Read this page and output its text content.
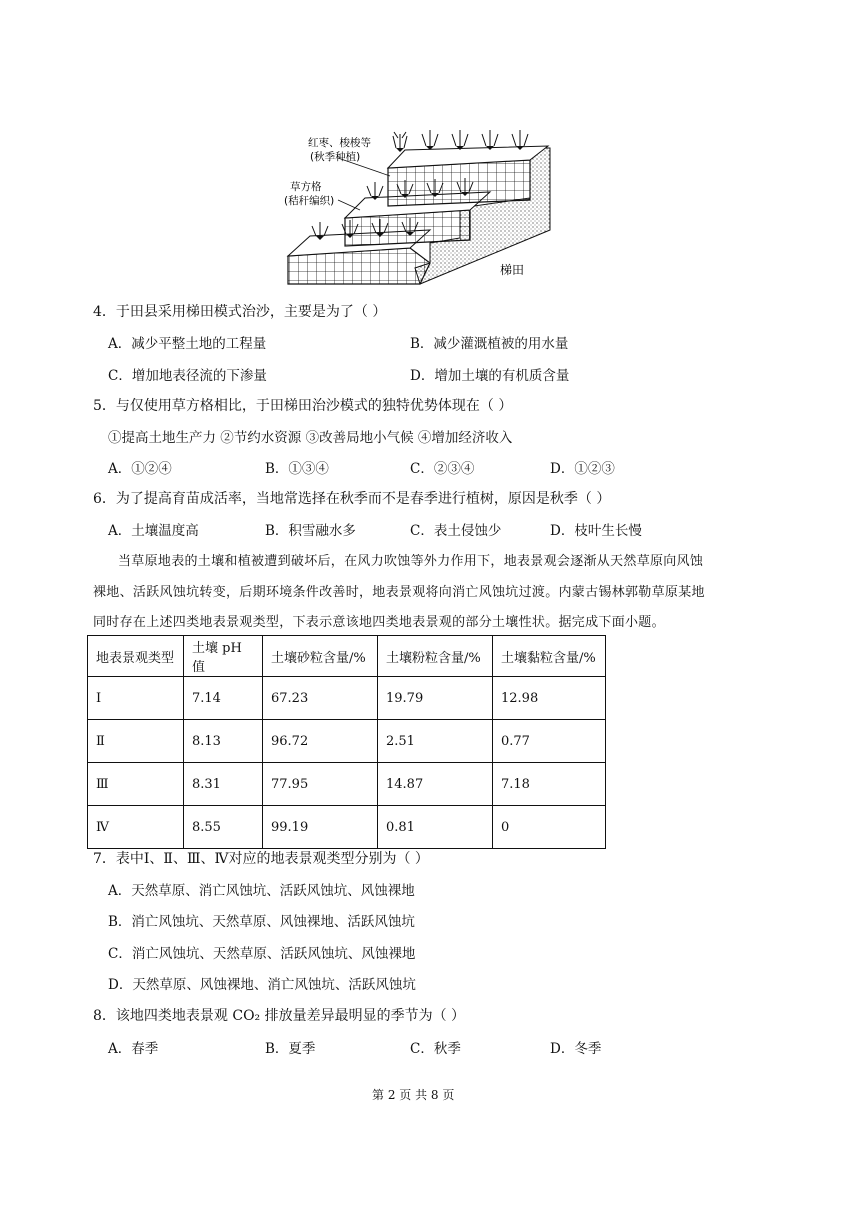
红枣、梭梭等
(秋季种植)
草方格
(秸秆编织)
梯田
4．于田县采用梯田模式治沙，主要是为了（ ）
A．减少平整土地的工程量	B．减少灌溉植被的用水量
C．增加地表径流的下渗量	D．增加土壤的有机质含量
5．与仅使用草方格相比，于田梯田治沙模式的独特优势体现在（ ）
①提高土地生产力 ②节约水资源 ③改善局地小气候 ④增加经济收入
A．①②④	B．①③④	C．②③④	D．①②③
6．为了提高育苗成活率，当地常选择在秋季而不是春季进行植树，原因是秋季（ ）
A．土壤温度高	B．积雪融水多	C．表土侵蚀少	D．枝叶生长慢
当草原地表的土壤和植被遭到破坏后，在风力吹蚀等外力作用下，地表景观会逐渐从天然草原向风蚀
裸地、活跃风蚀坑转变，后期环境条件改善时，地表景观将向消亡风蚀坑过渡。内蒙古锡林郭勒草原某地
同时存在上述四类地表景观类型，下表示意该地四类地表景观的部分土壤性状。据完成下面小题。
地表景观类型	土壤 pH 值	土壤砂粒含量/%	土壤粉粒含量/%	土壤黏粒含量/%
Ⅰ	7.14	67.23	19.79	12.98
Ⅱ	8.13	96.72	2.51	0.77
Ⅲ	8.31	77.95	14.87	7.18
Ⅳ	8.55	99.19	0.81	0
7．表中Ⅰ、Ⅱ、Ⅲ、Ⅳ对应的地表景观类型分别为（ ）
A．天然草原、消亡风蚀坑、活跃风蚀坑、风蚀裸地
B．消亡风蚀坑、天然草原、风蚀裸地、活跃风蚀坑
C．消亡风蚀坑、天然草原、活跃风蚀坑、风蚀裸地
D．天然草原、风蚀裸地、消亡风蚀坑、活跃风蚀坑
8．该地四类地表景观 CO₂ 排放量差异最明显的季节为（ ）
A．春季	B．夏季	C．秋季	D．冬季
第 2 页 共 8 页
